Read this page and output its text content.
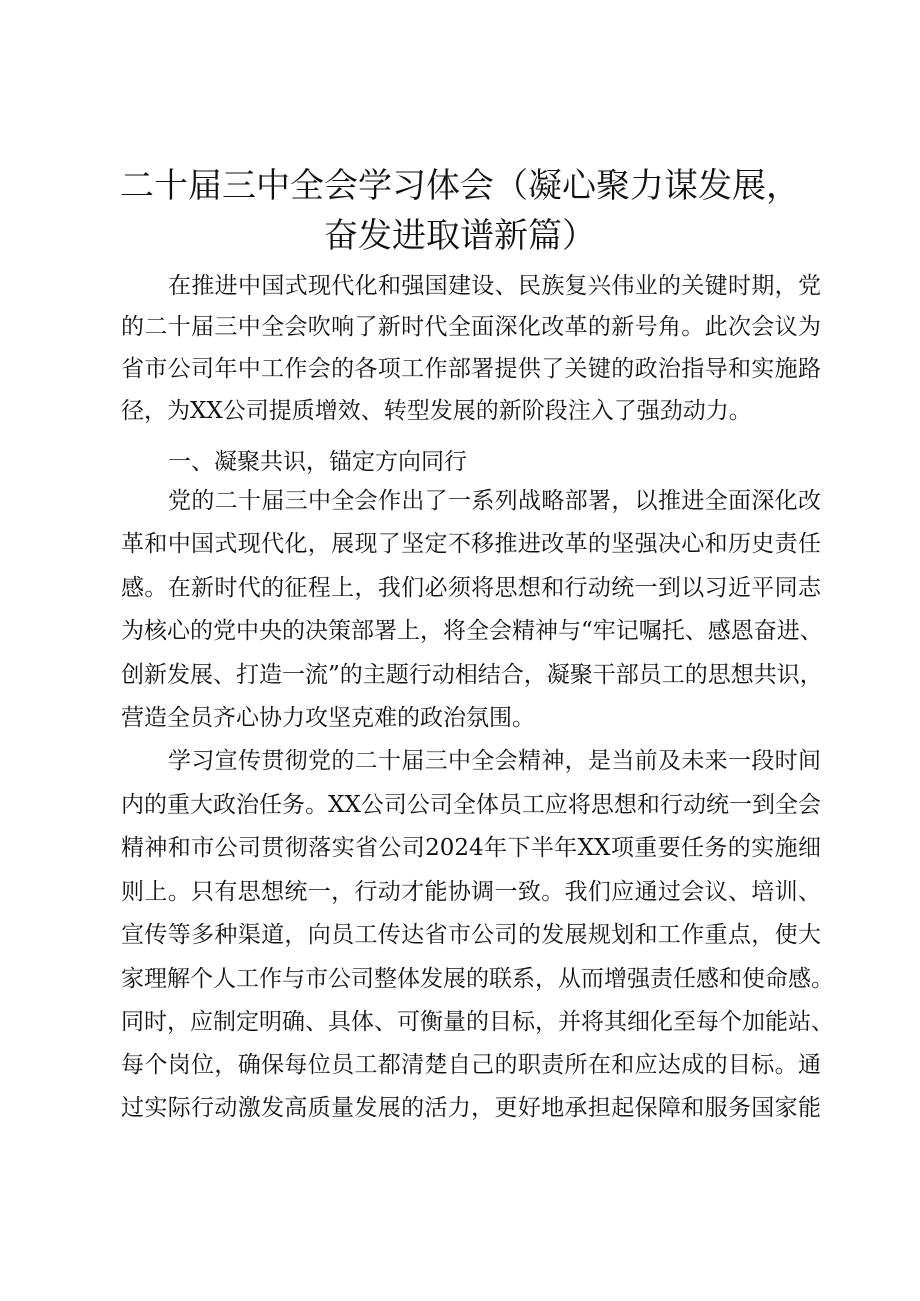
二十届三中全会学习体会（凝心聚力谋发展，
奋发进取谱新篇）
在推进中国式现代化和强国建设、民族复兴伟业的关键时期，党
的二十届三中全会吹响了新时代全面深化改革的新号角。此次会议为
省市公司年中工作会的各项工作部署提供了关键的政治指导和实施路
径，为XX公司提质增效、转型发展的新阶段注入了强劲动力。
一、凝聚共识，锚定方向同行
党的二十届三中全会作出了一系列战略部署，以推进全面深化改
革和中国式现代化，展现了坚定不移推进改革的坚强决心和历史责任
感。在新时代的征程上，我们必须将思想和行动统一到以习近平同志
为核心的党中央的决策部署上，将全会精神与“牢记嘱托、感恩奋进、
创新发展、打造一流”的主题行动相结合，凝聚干部员工的思想共识，
营造全员齐心协力攻坚克难的政治氛围。
学习宣传贯彻党的二十届三中全会精神，是当前及未来一段时间
内的重大政治任务。XX公司公司全体员工应将思想和行动统一到全会
精神和市公司贯彻落实省公司2024年下半年XX项重要任务的实施细
则上。只有思想统一，行动才能协调一致。我们应通过会议、培训、
宣传等多种渠道，向员工传达省市公司的发展规划和工作重点，使大
家理解个人工作与市公司整体发展的联系，从而增强责任感和使命感。
同时，应制定明确、具体、可衡量的目标，并将其细化至每个加能站、
每个岗位，确保每位员工都清楚自己的职责所在和应达成的目标。通
过实际行动激发高质量发展的活力，更好地承担起保障和服务国家能
